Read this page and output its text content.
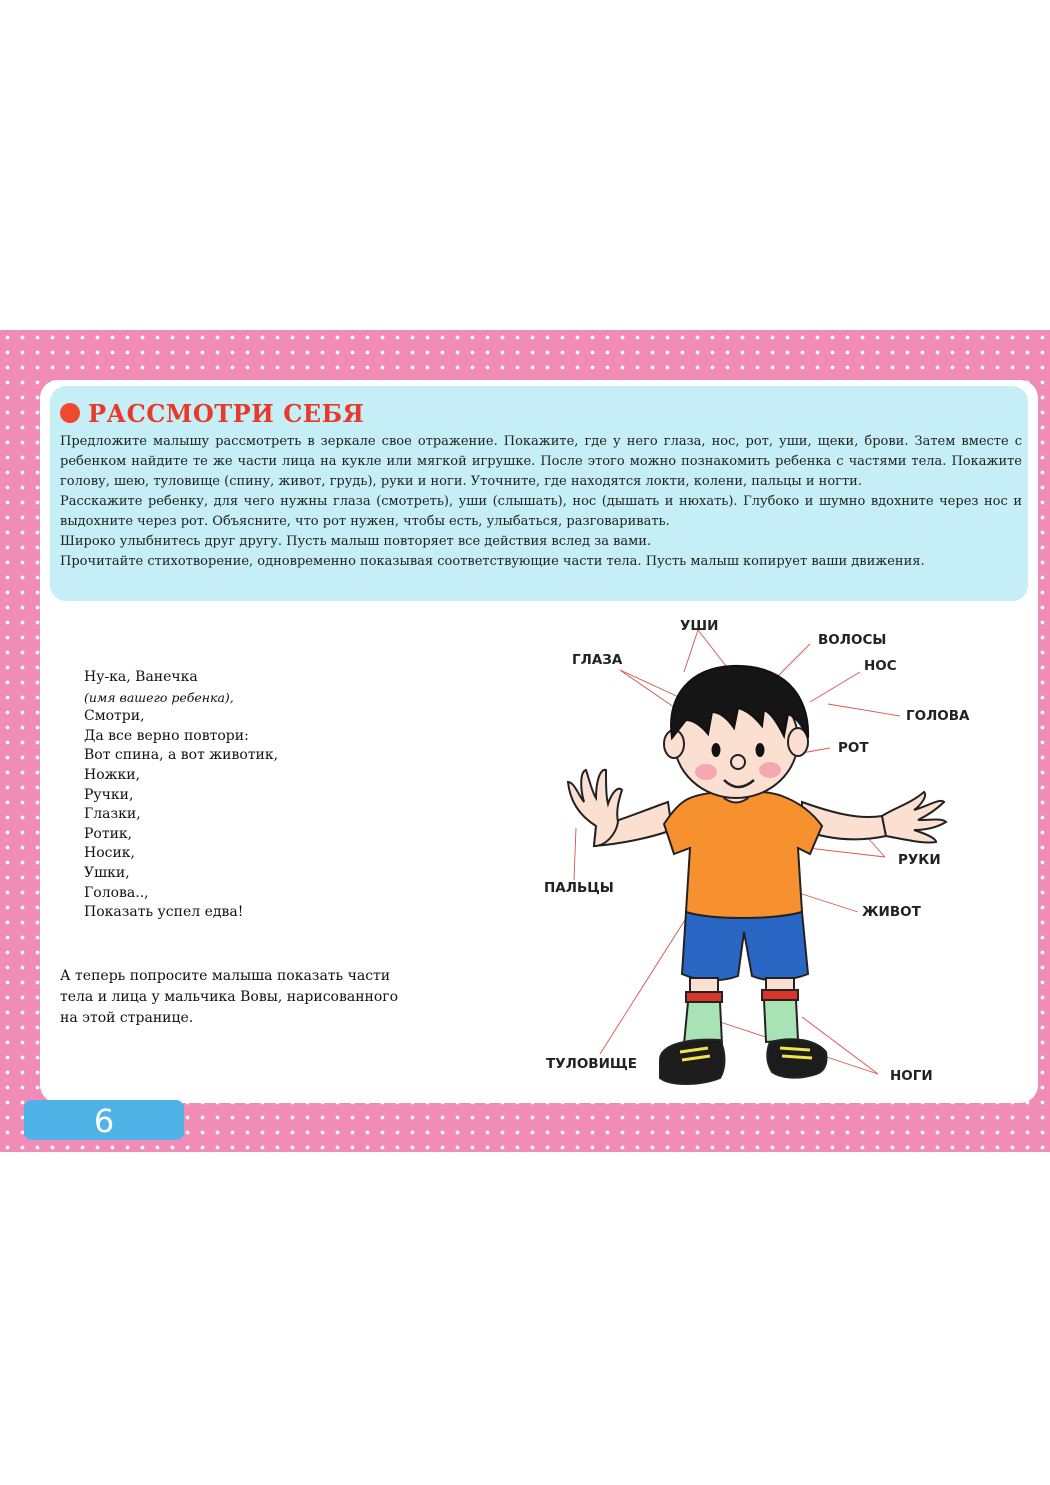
РАССМОТРИ СЕБЯ

Предложите малышу рассмотреть в зеркале свое отражение. Покажите, где у него глаза, нос, рот, уши, щеки, брови. Затем вместе с ребенком найдите те же части лица на кукле или мягкой игрушке. После этого можно познакомить ребенка с частями тела. Покажите голову, шею, туловище (спину, живот, грудь), руки и ноги. Уточните, где находятся локти, колени, пальцы и ногти.

Расскажите ребенку, для чего нужны глаза (смотреть), уши (слышать), нос (дышать и нюхать). Глубоко и шумно вдохните через нос и выдохните через рот. Объясните, что рот нужен, чтобы есть, улыбаться, разговаривать.

Широко улыбнитесь друг другу. Пусть малыш повторяет все действия вслед за вами.

Прочитайте стихотворение, одновременно показывая соответствующие части тела. Пусть малыш копирует ваши движения.

Ну-ка, Ванечка
(имя вашего ребенка),
Смотри,
Да все верно повтори:
Вот спина, а вот животик,
Ножки,
Ручки,
Глазки,
Ротик,
Носик,
Ушки,
Голова..,
Показать успел едва!
А теперь попросите малыша показать части тела и лица у мальчика Вовы, нарисованного на этой странице.
6
УШИ
ВОЛОСЫ
ГЛАЗА	НОС
ГОЛОВА
РОТ
РУКИ
ПАЛЬЦЫ
ЖИВОТ
ТУЛОВИЩЕ
НОГИ
